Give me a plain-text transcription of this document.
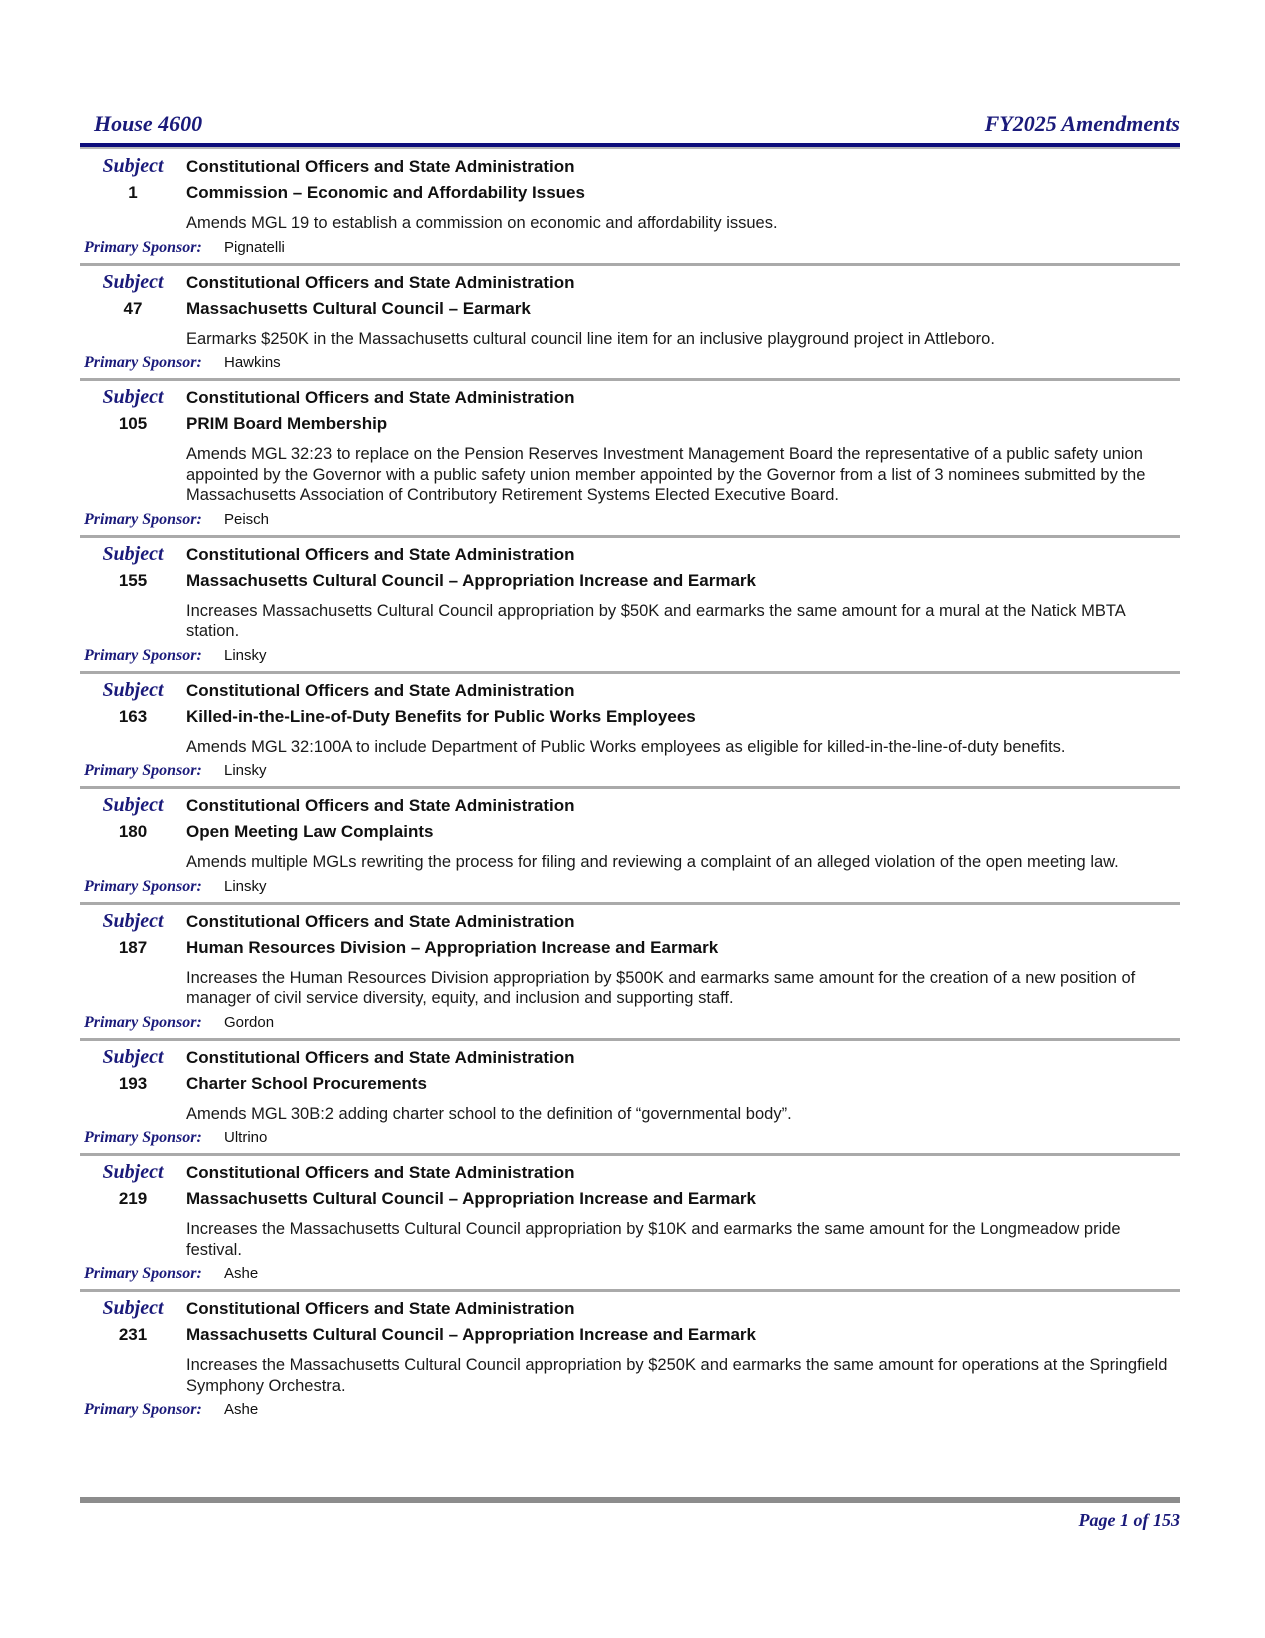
House 4600	FY2025 Amendments
Subject	Constitutional Officers and State Administration
1	Commission – Economic and Affordability Issues
Amends MGL 19 to establish a commission on economic and affordability issues.
Primary Sponsor:	Pignatelli
Subject	Constitutional Officers and State Administration
47	Massachusetts Cultural Council – Earmark
Earmarks $250K in the Massachusetts cultural council line item for an inclusive playground project in Attleboro.
Primary Sponsor:	Hawkins
Subject	Constitutional Officers and State Administration
105	PRIM Board Membership
Amends MGL 32:23 to replace on the Pension Reserves Investment Management Board the representative of a public safety union appointed by the Governor with a public safety union member appointed by the Governor from a list of 3 nominees submitted by the Massachusetts Association of Contributory Retirement Systems Elected Executive Board.
Primary Sponsor:	Peisch
Subject	Constitutional Officers and State Administration
155	Massachusetts Cultural Council – Appropriation Increase and Earmark
Increases Massachusetts Cultural Council appropriation by $50K and earmarks the same amount for a mural at the Natick MBTA station.
Primary Sponsor:	Linsky
Subject	Constitutional Officers and State Administration
163	Killed-in-the-Line-of-Duty Benefits for Public Works Employees
Amends MGL 32:100A to include Department of Public Works employees as eligible for killed-in-the-line-of-duty benefits.
Primary Sponsor:	Linsky
Subject	Constitutional Officers and State Administration
180	Open Meeting Law Complaints
Amends multiple MGLs rewriting the process for filing and reviewing a complaint of an alleged violation of the open meeting law.
Primary Sponsor:	Linsky
Subject	Constitutional Officers and State Administration
187	Human Resources Division – Appropriation Increase and Earmark
Increases the Human Resources Division appropriation by $500K and earmarks same amount for the creation of a new position of manager of civil service diversity, equity, and inclusion and supporting staff.
Primary Sponsor:	Gordon
Subject	Constitutional Officers and State Administration
193	Charter School Procurements
Amends MGL 30B:2 adding charter school to the definition of “governmental body”.
Primary Sponsor:	Ultrino
Subject	Constitutional Officers and State Administration
219	Massachusetts Cultural Council – Appropriation Increase and Earmark
Increases the Massachusetts Cultural Council appropriation by $10K and earmarks the same amount for the Longmeadow pride festival.
Primary Sponsor:	Ashe
Subject	Constitutional Officers and State Administration
231	Massachusetts Cultural Council – Appropriation Increase and Earmark
Increases the Massachusetts Cultural Council appropriation by $250K and earmarks the same amount for operations at the Springfield Symphony Orchestra.
Primary Sponsor:	Ashe
Page 1 of 153
